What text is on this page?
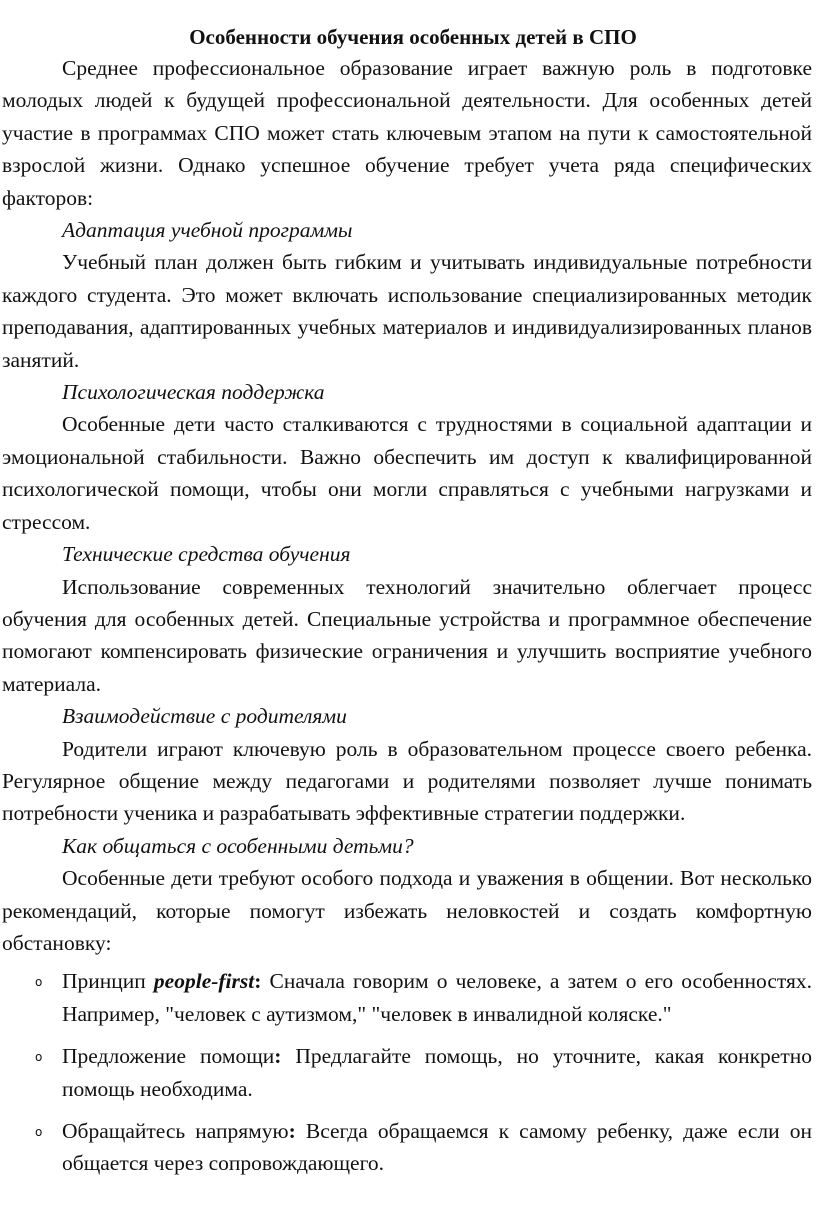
Особенности обучения особенных детей в СПО

Среднее профессиональное образование играет важную роль в подготовке молодых людей к будущей профессиональной деятельности. Для особенных детей участие в программах СПО может стать ключевым этапом на пути к самостоятельной взрослой жизни. Однако успешное обучение требует учета ряда специфических факторов:

Адаптация учебной программы

Учебный план должен быть гибким и учитывать индивидуальные потребности каждого студента. Это может включать использование специализированных методик преподавания, адаптированных учебных материалов и индивидуализированных планов занятий.

Психологическая поддержка

Особенные дети часто сталкиваются с трудностями в социальной адаптации и эмоциональной стабильности. Важно обеспечить им доступ к квалифицированной психологической помощи, чтобы они могли справляться с учебными нагрузками и стрессом.

Технические средства обучения

Использование современных технологий значительно облегчает процесс обучения для особенных детей. Специальные устройства и программное обеспечение помогают компенсировать физические ограничения и улучшить восприятие учебного материала.

Взаимодействие с родителями

Родители играют ключевую роль в образовательном процессе своего ребенка. Регулярное общение между педагогами и родителями позволяет лучше понимать потребности ученика и разрабатывать эффективные стратегии поддержки.

Как общаться с особенными детьми?

Особенные дети требуют особого подхода и уважения в общении. Вот несколько рекомендаций, которые помогут избежать неловкостей и создать комфортную обстановку:

o Принцип people-first: Сначала говорим о человеке, а затем о его особенностях. Например, "человек с аутизмом," "человек в инвалидной коляске."
o Предложение помощи: Предлагайте помощь, но уточните, какая конкретно помощь необходима.
o Обращайтесь напрямую: Всегда обращаемся к самому ребенку, даже если он общается через сопровождающего.
